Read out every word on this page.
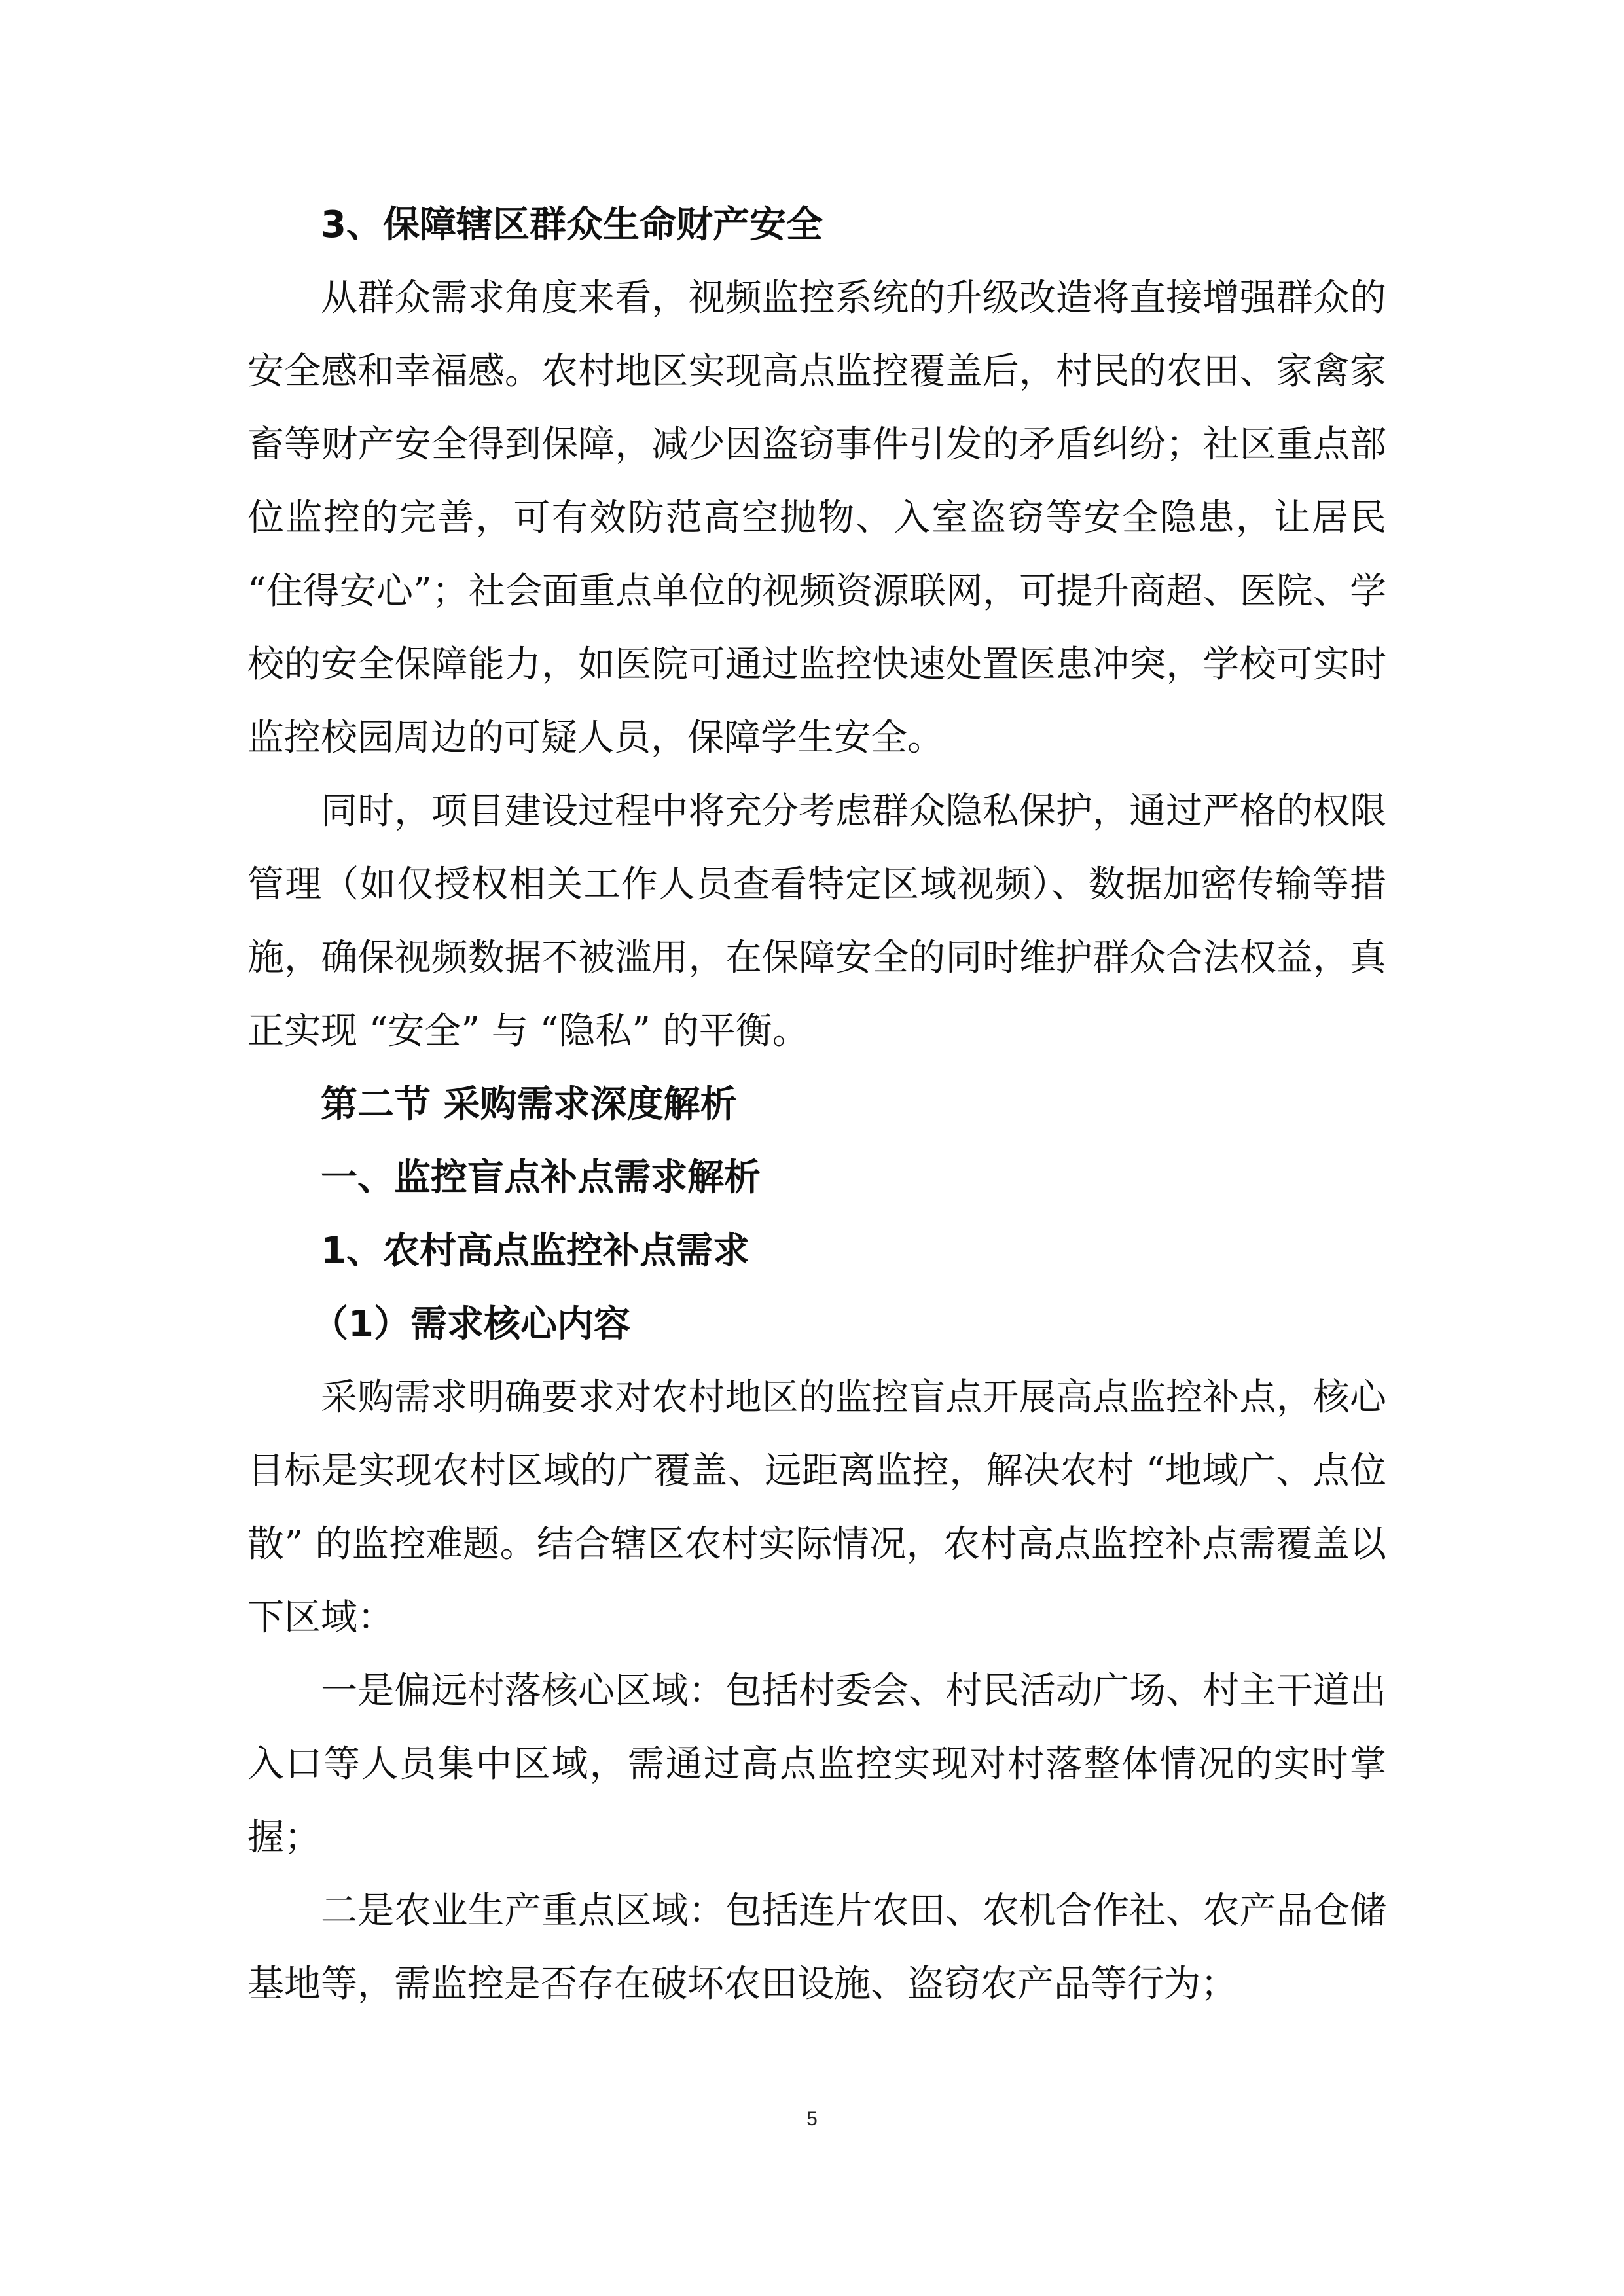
3、保障辖区群众生命财产安全

从群众需求角度来看，视频监控系统的升级改造将直接增强群众的安全感和幸福感。农村地区实现高点监控覆盖后，村民的农田、家禽家畜等财产安全得到保障，减少因盗窃事件引发的矛盾纠纷；社区重点部位监控的完善，可有效防范高空抛物、入室盗窃等安全隐患，让居民 “住得安心”；社会面重点单位的视频资源联网，可提升商超、医院、学校的安全保障能力，如医院可通过监控快速处置医患冲突，学校可实时监控校园周边的可疑人员，保障学生安全。

同时，项目建设过程中将充分考虑群众隐私保护，通过严格的权限管理（如仅授权相关工作人员查看特定区域视频）、数据加密传输等措施，确保视频数据不被滥用，在保障安全的同时维护群众合法权益，真正实现 “安全” 与 “隐私” 的平衡。

第二节 采购需求深度解析
一、监控盲点补点需求解析
1、农村高点监控补点需求
（1）需求核心内容

采购需求明确要求对农村地区的监控盲点开展高点监控补点，核心目标是实现农村区域的广覆盖、远距离监控，解决农村 “地域广、点位散” 的监控难题。结合辖区农村实际情况，农村高点监控补点需覆盖以下区域：

一是偏远村落核心区域：包括村委会、村民活动广场、村主干道出入口等人员集中区域，需通过高点监控实现对村落整体情况的实时掌握；

二是农业生产重点区域：包括连片农田、农机合作社、农产品仓储基地等，需监控是否存在破坏农田设施、盗窃农产品等行为；

5
